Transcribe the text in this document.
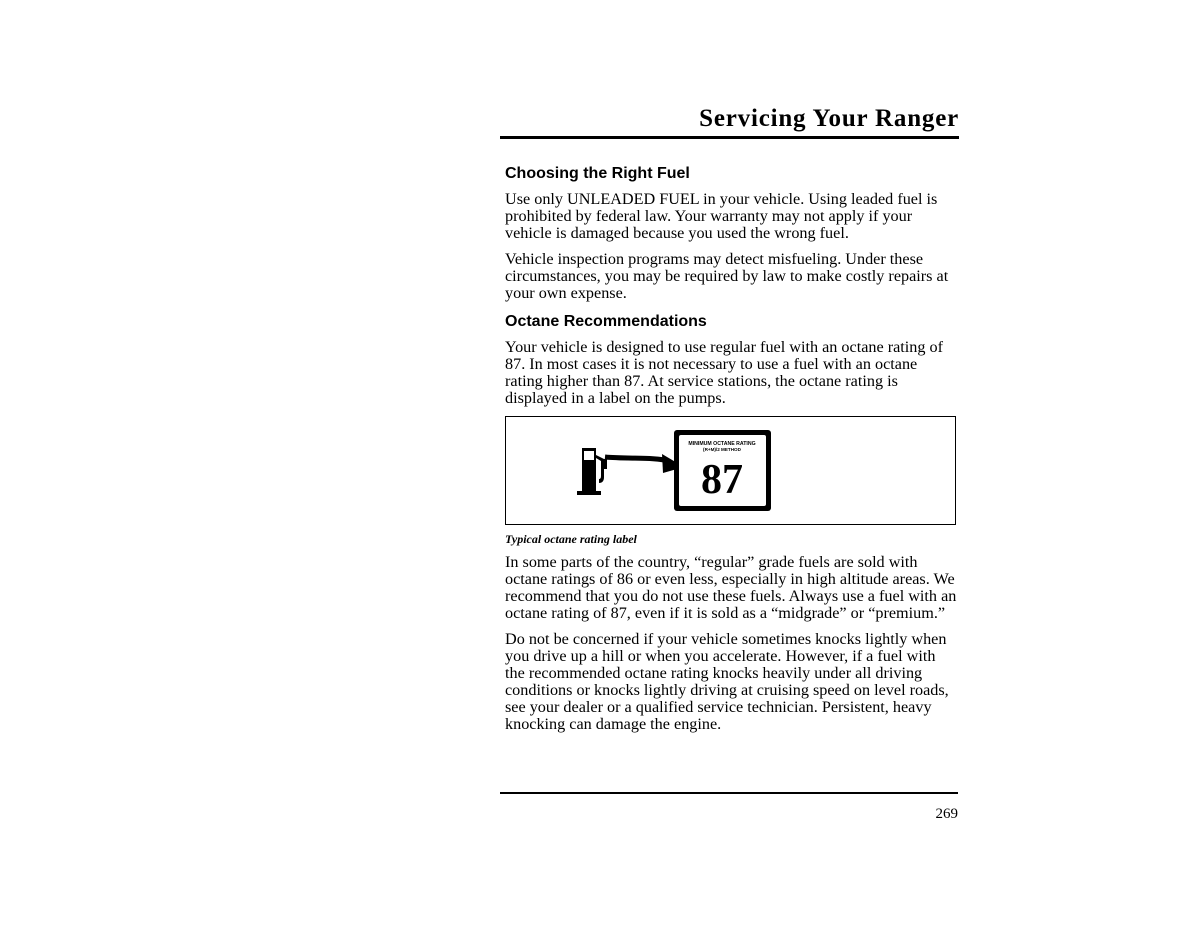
Servicing Your Ranger
Choosing the Right Fuel

Use only UNLEADED FUEL in your vehicle. Using leaded fuel is prohibited by federal law. Your warranty may not apply if your vehicle is damaged because you used the wrong fuel.

Vehicle inspection programs may detect misfueling. Under these circumstances, you may be required by law to make costly repairs at your own expense.

Octane Recommendations

Your vehicle is designed to use regular fuel with an octane rating of 87. In most cases it is not necessary to use a fuel with an octane rating higher than 87. At service stations, the octane rating is displayed in a label on the pumps.

MINIMUM OCTANE RATING
(R+M)/2 METHOD
87

Typical octane rating label

In some parts of the country, “regular” grade fuels are sold with octane ratings of 86 or even less, especially in high altitude areas. We recommend that you do not use these fuels. Always use a fuel with an octane rating of 87, even if it is sold as a “midgrade” or “premium.”

Do not be concerned if your vehicle sometimes knocks lightly when you drive up a hill or when you accelerate. However, if a fuel with the recommended octane rating knocks heavily under all driving conditions or knocks lightly driving at cruising speed on level roads, see your dealer or a qualified service technician. Persistent, heavy knocking can damage the engine.

269
